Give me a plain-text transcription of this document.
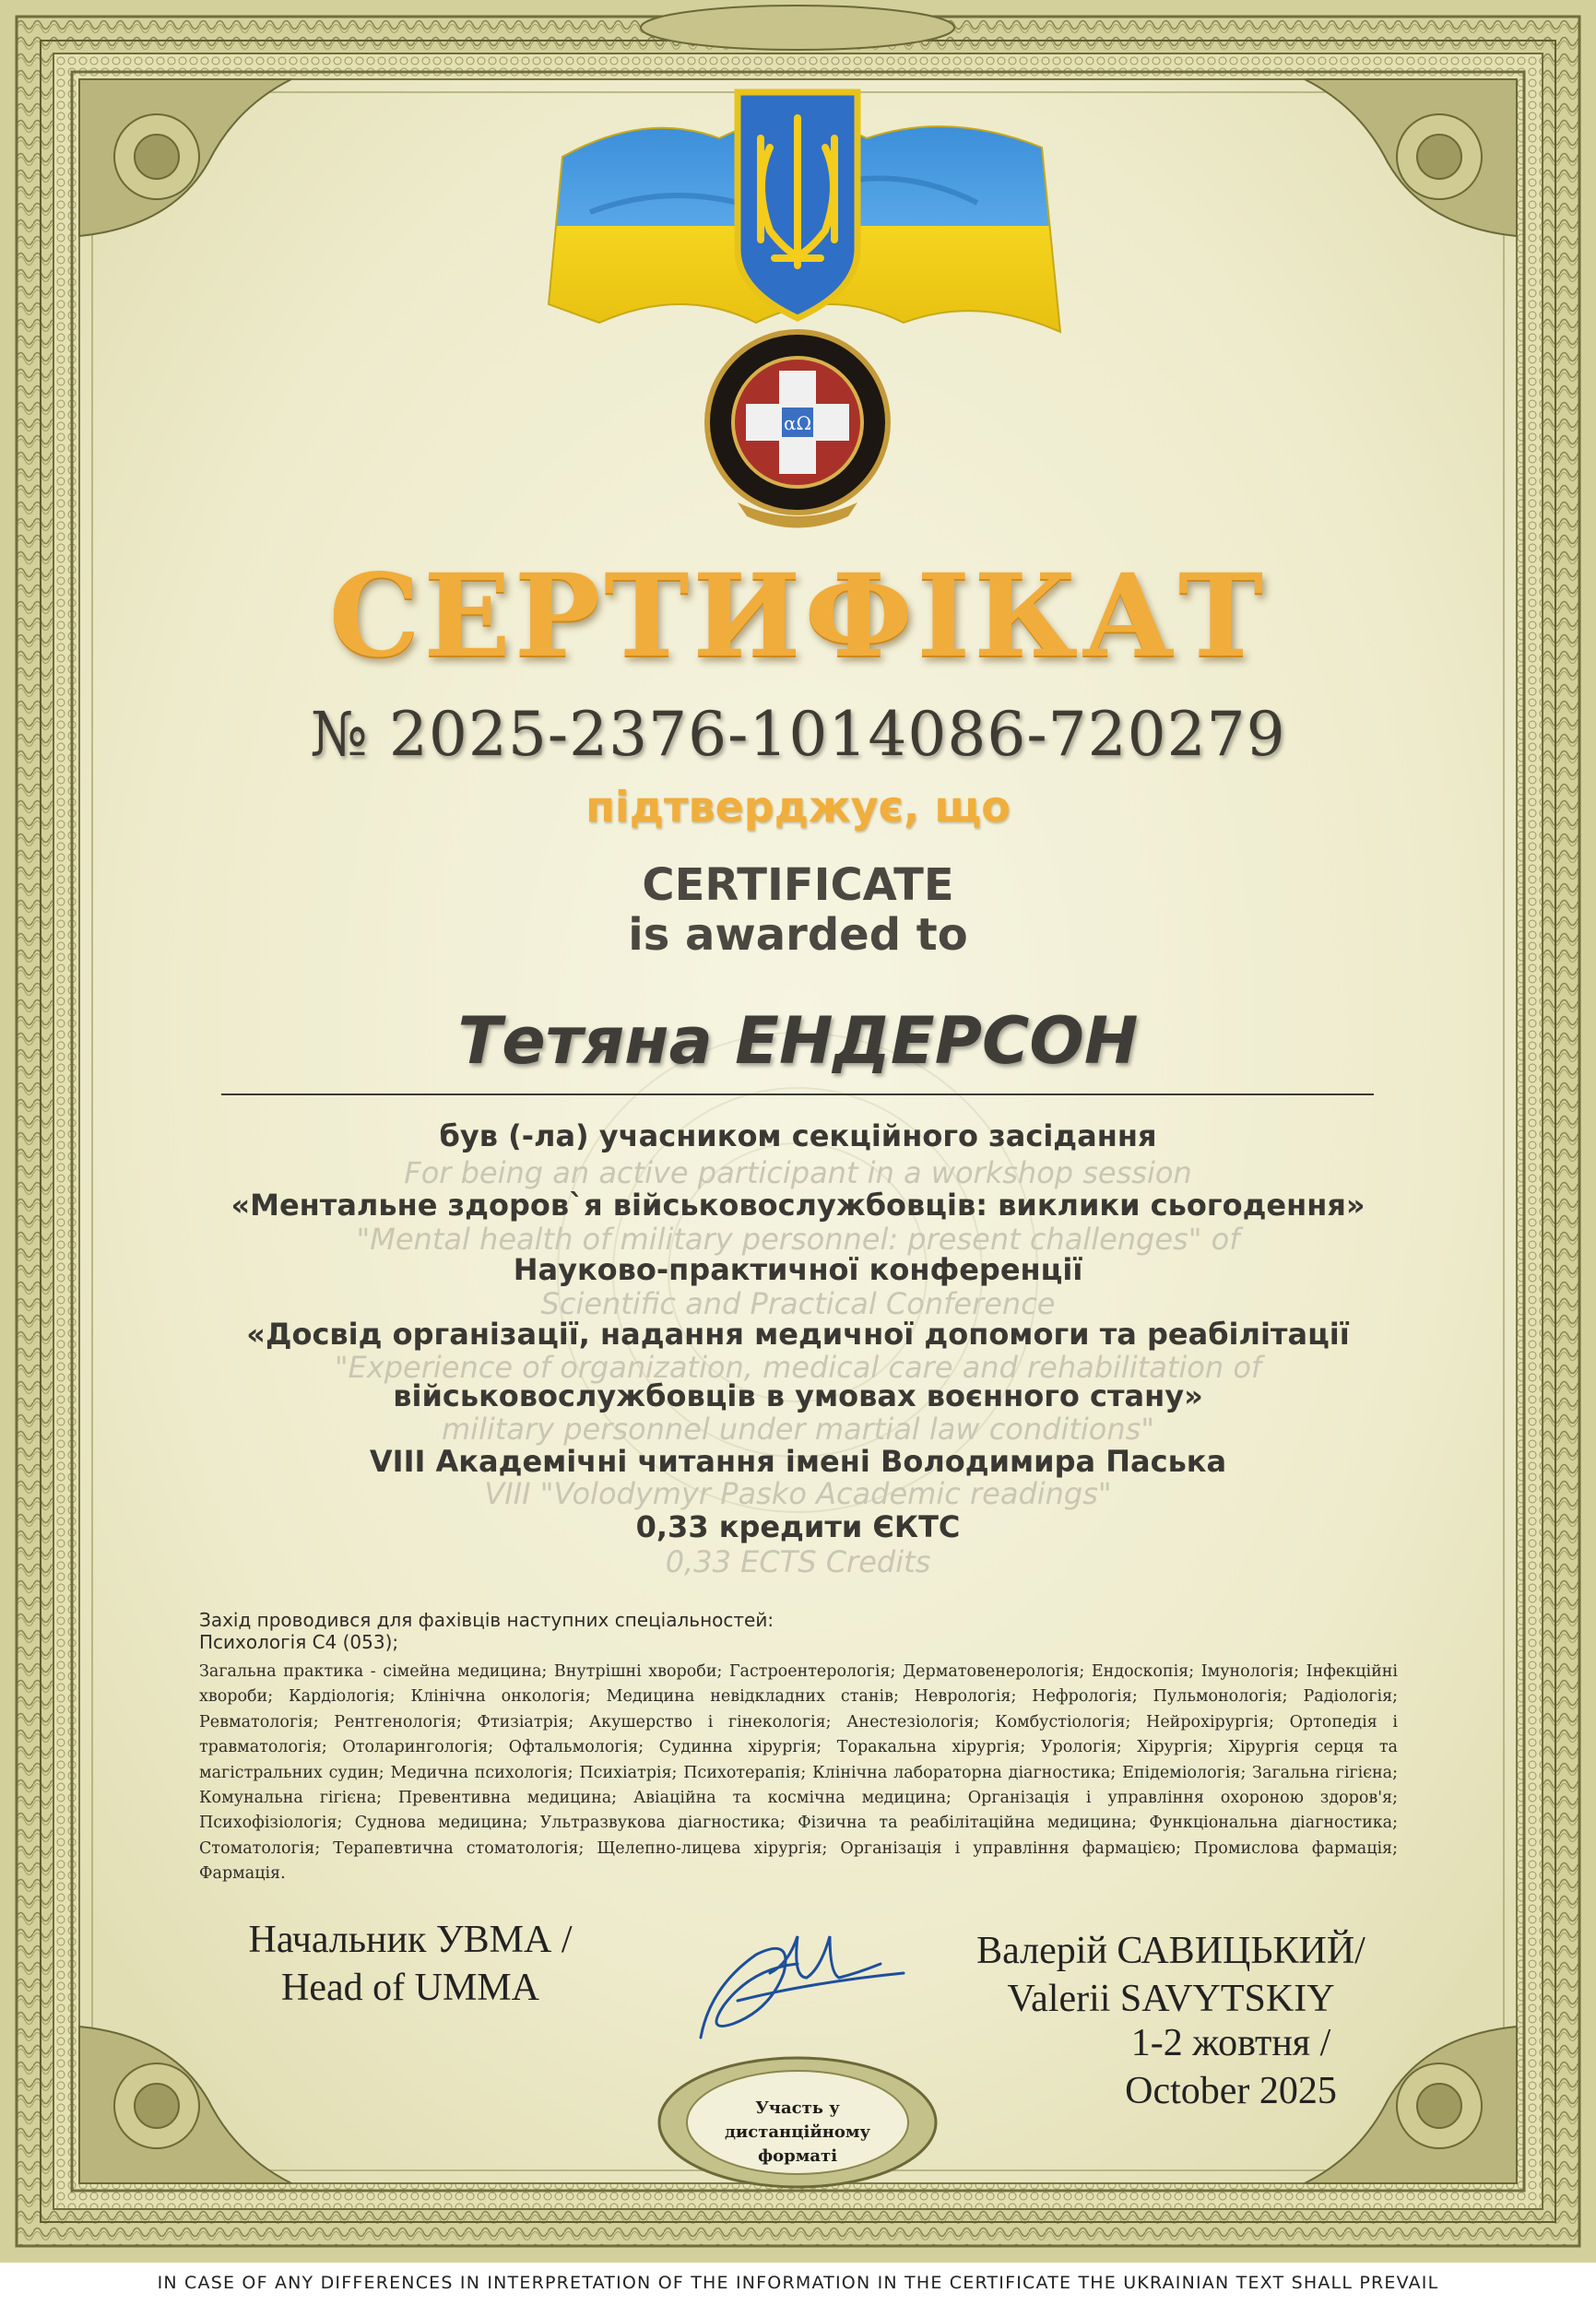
αΩ
СЕРТИФІКАТ
№ 2025-2376-1014086-720279
підтверджує, що
CERTIFICATE
is awarded to
Тетяна ЕНДЕРСОН
був (-ла) учасником секційного засідання
For being an active participant in a workshop session
«Ментальне здоров`я військовослужбовців: виклики сьогодення»
"Mental health of military personnel: present challenges" of
Науково-практичної конференції
Scientific and Practical Conference
«Досвід організації, надання медичної допомоги та реабілітації
"Experience of organization, medical care and rehabilitation of
військовослужбовців в умовах воєнного стану»
military personnel under martial law conditions"
VIII Академічні читання імені Володимира Паська
VIII "Volodymyr Pasko Academic readings"
0,33 кредити ЄКТС
0,33 ECTS Credits
Захід проводився для фахівців наступних спеціальностей:
Психологія С4 (053);
Загальна практика - сімейна медицина; Внутрішні хвороби; Гастроентерологія; Дерматовенерологія; Ендоскопія; Імунологія; Інфекційні хвороби; Кардіологія; Клінічна онкологія; Медицина невідкладних станів; Неврологія; Нефрологія; Пульмонологія; Радіологія; Ревматологія; Рентгенологія; Фтизіатрія; Акушерство і гінекологія; Анестезіологія; Комбустіологія; Нейрохірургія; Ортопедія і травматологія; Отоларингологія; Офтальмологія; Судинна хірургія; Торакальна хірургія; Урологія; Хірургія; Хірургія серця та магістральних судин; Медична психологія; Психіатрія; Психотерапія; Клінічна лабораторна діагностика; Епідеміологія; Загальна гігієна; Комунальна гігієна; Превентивна медицина; Авіаційна та космічна медицина; Організація і управління охороною здоров'я; Психофізіологія; Суднова медицина; Ультразвукова діагностика; Фізична та реабілітаційна медицина; Функціональна діагностика; Стоматологія; Терапевтична стоматологія; Щелепно-лицева хірургія; Організація і управління фармацією; Промислова фармація; Фармація.
Начальник УВМА /
Head of UMMA
Валерій САВИЦЬКИЙ/
Valerii SAVYTSKIY
1-2 жовтня /
October 2025
Участь у
дистанційному
форматі
IN CASE OF ANY DIFFERENCES IN INTERPRETATION OF THE INFORMATION IN THE CERTIFICATE THE UKRAINIAN TEXT SHALL PREVAIL
